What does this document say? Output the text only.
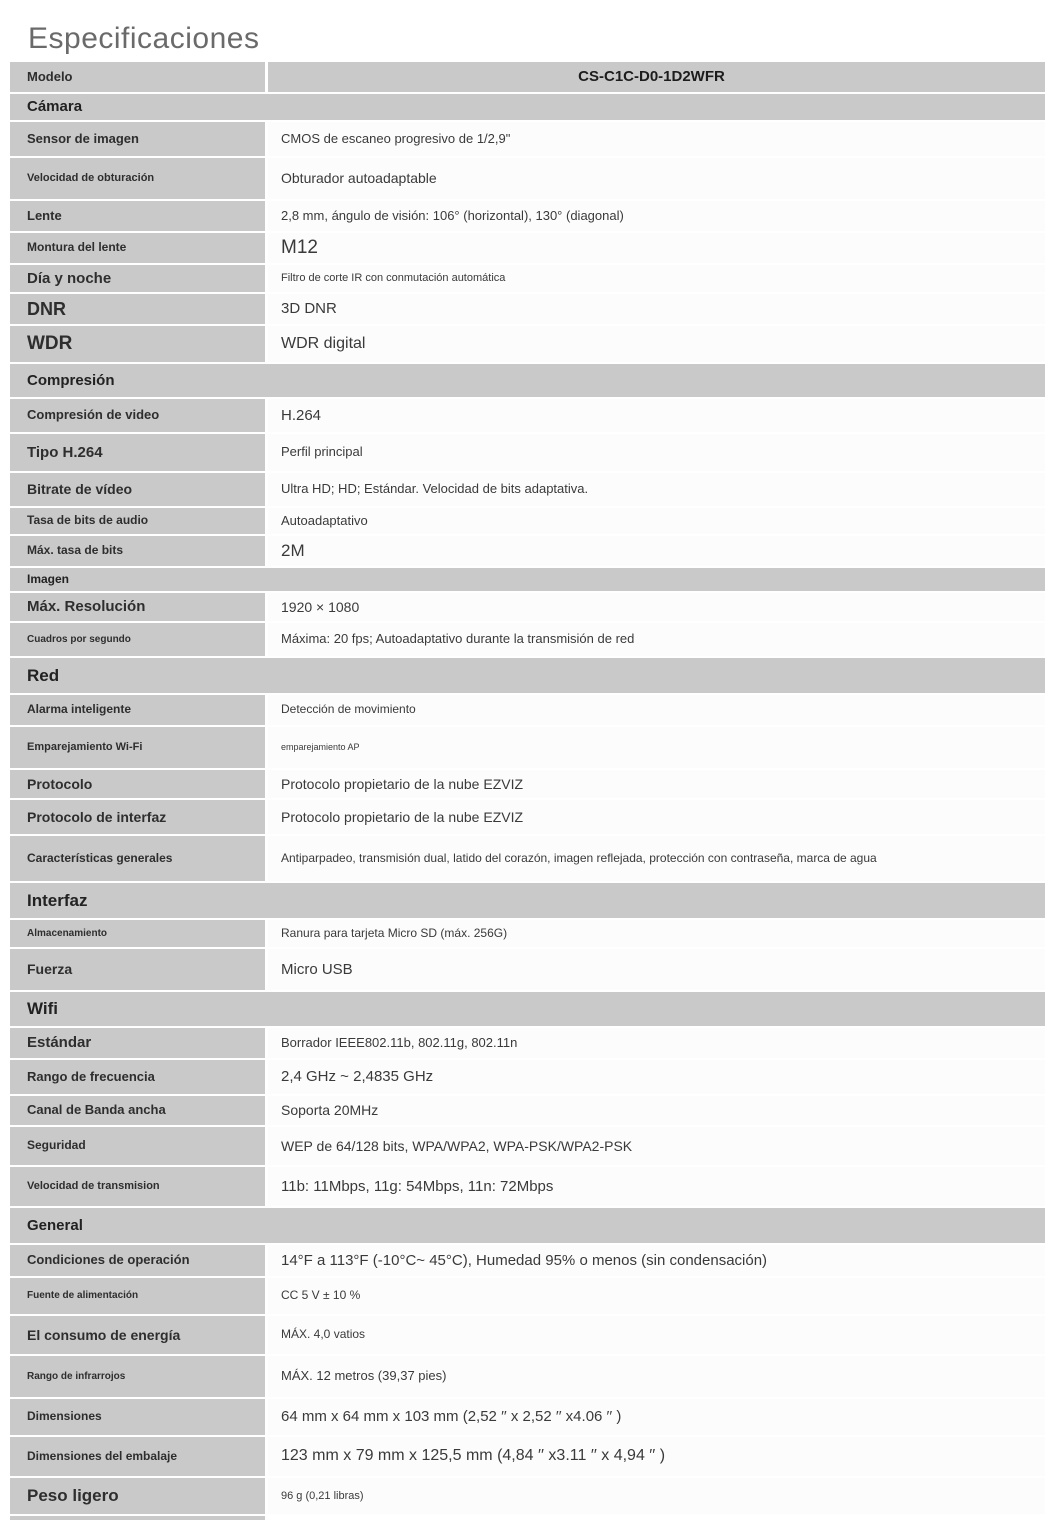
Especificaciones
Modelo	CS-C1C-D0-1D2WFR
Cámara
Sensor de imagen	CMOS de escaneo progresivo de 1/2,9"
Velocidad de obturación	Obturador autoadaptable
Lente	2,8 mm, ángulo de visión: 106° (horizontal), 130° (diagonal)
Montura del lente	M12
Día y noche	Filtro de corte IR con conmutación automática
DNR	3D DNR
WDR	WDR digital
Compresión
Compresión de video	H.264
Tipo H.264	Perfil principal
Bitrate de vídeo	Ultra HD; HD; Estándar. Velocidad de bits adaptativa.
Tasa de bits de audio	Autoadaptativo
Máx. tasa de bits	2M
Imagen
Máx. Resolución	1920 × 1080
Cuadros por segundo	Máxima: 20 fps; Autoadaptativo durante la transmisión de red
Red
Alarma inteligente	Detección de movimiento
Emparejamiento Wi-Fi	emparejamiento AP
Protocolo	Protocolo propietario de la nube EZVIZ
Protocolo de interfaz	Protocolo propietario de la nube EZVIZ
Características generales	Antiparpadeo, transmisión dual, latido del corazón, imagen reflejada, protección con contraseña, marca de agua
Interfaz
Almacenamiento	Ranura para tarjeta Micro SD (máx. 256G)
Fuerza	Micro USB
Wifi
Estándar	Borrador IEEE802.11b, 802.11g, 802.11n
Rango de frecuencia	2,4 GHz ~ 2,4835 GHz
Canal de Banda ancha	Soporta 20MHz
Seguridad	WEP de 64/128 bits, WPA/WPA2, WPA-PSK/WPA2-PSK
Velocidad de transmision	11b: 11Mbps, 11g: 54Mbps, 11n: 72Mbps
General
Condiciones de operación	14°F a 113°F (-10°C~ 45°C), Humedad 95% o menos (sin condensación)
Fuente de alimentación	CC 5 V ± 10 %
El consumo de energía	MÁX. 4,0 vatios
Rango de infrarrojos	MÁX. 12 metros (39,37 pies)
Dimensiones	64 mm x 64 mm x 103 mm (2,52 ′′ x 2,52 ′′ x4.06 ′′ )
Dimensiones del embalaje	123 mm x 79 mm x 125,5 mm (4,84 ′′ x3.11 ′′ x 4,94 ′′ )
Peso ligero	96 g (0,21 libras)
